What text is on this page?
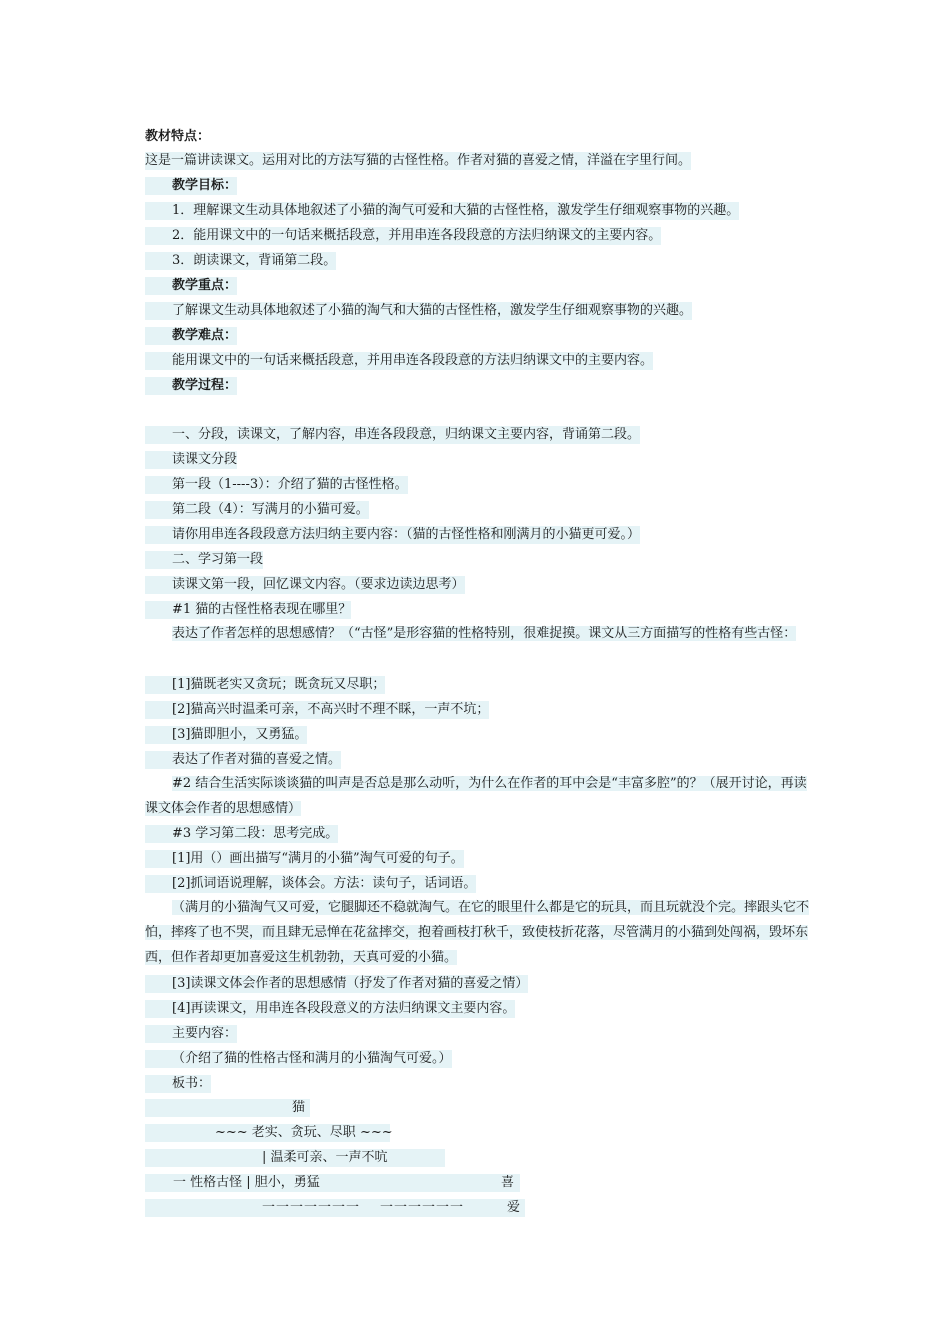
教材特点：
这是一篇讲读课文。运用对比的方法写猫的古怪性格。作者对猫的喜爱之情，洋溢在字里行间。
教学目标：
1．理解课文生动具体地叙述了小猫的淘气可爱和大猫的古怪性格，激发学生仔细观察事物的兴趣。
2．能用课文中的一句话来概括段意，并用串连各段段意的方法归纳课文的主要内容。
3．朗读课文，背诵第二段。
教学重点：
了解课文生动具体地叙述了小猫的淘气和大猫的古怪性格，激发学生仔细观察事物的兴趣。
教学难点：
能用课文中的一句话来概括段意，并用串连各段段意的方法归纳课文中的主要内容。
教学过程：
一、分段，读课文，了解内容，串连各段段意，归纳课文主要内容，背诵第二段。
读课文分段
第一段（1----3）：介绍了猫的古怪性格。
第二段（4）：写满月的小猫可爱。
请你用串连各段段意方法归纳主要内容：（猫的古怪性格和刚满月的小猫更可爱。）
二、学习第一段
读课文第一段，回忆课文内容。（要求边读边思考）
#1 猫的古怪性格表现在哪里？
表达了作者怎样的思想感情？（“古怪”是形容猫的性格特别，很难捉摸。课文从三方面描写的性格有些古怪：
[1]猫既老实又贪玩；既贪玩又尽职；
[2]猫高兴时温柔可亲，不高兴时不理不睬，一声不坑；
[3]猫即胆小，又勇猛。
表达了作者对猫的喜爱之情。
#2 结合生活实际谈谈猫的叫声是否总是那么动听，为什么在作者的耳中会是“丰富多腔”的？（展开讨论，再读课文体会作者的思想感情）
#3 学习第二段：思考完成。
[1]用（）画出描写“满月的小猫”淘气可爱的句子。
[2]抓词语说理解，谈体会。方法：读句子，话词语。
（满月的小猫淘气又可爱，它腿脚还不稳就淘气。在它的眼里什么都是它的玩具，而且玩就没个完。摔跟头它不怕，摔疼了也不哭，而且肆无忌惮在花盆摔交，抱着画枝打秋千，致使枝折花落，尽管满月的小猫到处闯祸，毁坏东西，但作者却更加喜爱这生机勃勃，天真可爱的小猫。
[3]读课文体会作者的思想感情（抒发了作者对猫的喜爱之情）
[4]再读课文，用串连各段段意义的方法归纳课文主要内容。
主要内容：
（介绍了猫的性格古怪和满月的小猫淘气可爱。）
板书：
猫
~~~ 老实、贪玩、尽职 ~~~
| 温柔可亲、一声不吭
一 性格古怪 | 胆小，勇猛	喜
一一一一一一一 一一一一一一	爱
